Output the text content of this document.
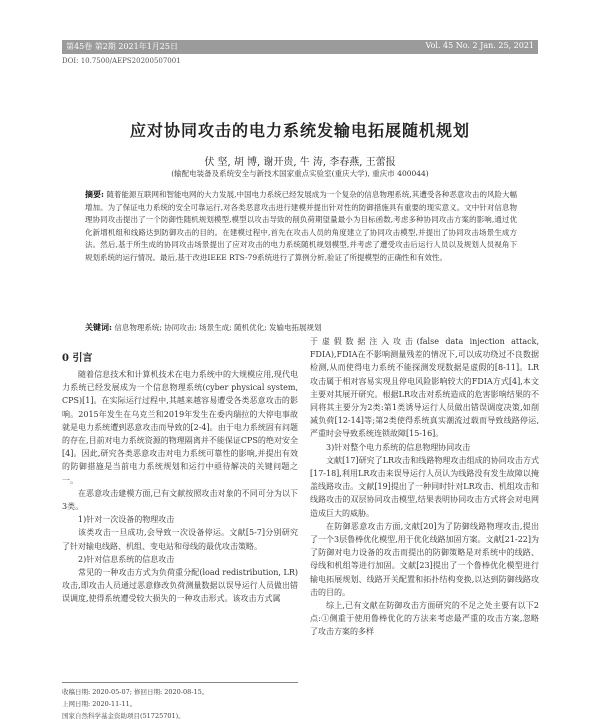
第45卷 第2期 2021年1月25日	Vol. 45 No. 2 Jan. 25, 2021
DOI: 10.7500/AEPS20200507001
应对协同攻击的电力系统发输电拓展随机规划
伏 坚, 胡 博, 谢开贵, 牛 涛, 李春燕, 王蕾报
(输配电装备及系统安全与新技术国家重点实验室(重庆大学), 重庆市 400044)
摘要: 随着能源互联网和智能电网的大力发展,中国电力系统已经发展成为一个复杂的信息物理系统,其遭受各种恶意攻击的风险大幅增加。为了保证电力系统的安全可靠运行,对各类恶意攻击进行建模并提出针对性的防御措施具有重要的现实意义。文中针对信息物理协同攻击提出了一个防御性随机规划模型,模型以攻击导致的削负荷期望量最小为目标函数,考虑多种协同攻击方案的影响,通过优化新增机组和线路达到防御攻击的目的。在建模过程中,首先在攻击人员的角度建立了协同攻击模型,并提出了协同攻击场景生成方法。然后,基于所生成的协同攻击场景提出了应对攻击的电力系统随机规划模型,并考虑了遭受攻击后运行人员以及规划人员视角下规划系统的运行情况。最后,基于改进IEEE RTS-79系统进行了算例分析,验证了所提模型的正确性和有效性。
关键词: 信息物理系统; 协同攻击; 场景生成; 随机优化; 发输电拓展规划
0 引言

随着信息技术和计算机技术在电力系统中的大规模应用,现代电力系统已经发展成为一个信息物理系统(cyber physical system, CPS)[1]。在实际运行过程中,其越来越容易遭受各类恶意攻击的影响。2015年发生在乌克兰和2019年发生在委内瑞拉的大停电事故就是电力系统遭到恶意攻击而导致的[2-4]。由于电力系统固有问题的存在,目前对电力系统资源的物理隔离并不能保证CPS的绝对安全[4]。因此,研究各类恶意攻击对电力系统可靠性的影响,并提出有效的防御措施是当前电力系统规划和运行中亟待解决的关键问题之一。

在恶意攻击建模方面,已有文献按照攻击对象的不同可分为以下3类。

1)针对一次设备的物理攻击

该类攻击一旦成功,会导致一次设备停运。文献[5-7]分别研究了针对输电线路、机组、变电站和母线的最优攻击策略。

2)针对信息系统的信息攻击

常见的一种攻击方式为负荷重分配(load redistribution, LR)攻击,即攻击人员通过恶意修改负荷测量数据以误导运行人员做出错误调度,使得系统遭受较大损失的一种攻击形式。该攻击方式属

于虚假数据注入攻击(false data injection attack, FDIA),FDIA在不影响测量残差的情况下,可以成功绕过不良数据检测,从而使得电力系统不能探测发现数据是虚假的[8-11]。LR攻击属于相对容易实现且停电风险影响较大的FDIA方式[4],本文主要对其展开研究。根据LR攻击对系统造成的危害影响结果的不同将其主要分为2类:第1类诱导运行人员做出错误调度决策,如削减负荷[12-14]等;第2类使得系统真实潮流过载而导致线路停运,严重时会导致系统连锁故障[15-16]。

3)针对整个电力系统的信息物理协同攻击

文献[17]研究了LR攻击和线路物理攻击组成的协同攻击方式[17-18],利用LR攻击来误导运行人员认为线路没有发生故障以掩盖线路攻击。文献[19]提出了一种同时针对LR攻击、机组攻击和线路攻击的双层协同攻击模型,结果表明协同攻击方式将会对电网造成巨大的威胁。

在防御恶意攻击方面,文献[20]为了防御线路物理攻击,提出了一个3层鲁棒优化模型,用于优化线路加固方案。文献[21-22]为了防御对电力设备的攻击而提出的防御策略是对系统中的线路、母线和机组等进行加固。文献[23]提出了一个鲁棒优化模型进行输电拓展规划、线路开关配置和拓扑结构变换,以达到防御线路攻击的目的。

综上,已有文献在防御攻击方面研究的不足之处主要有以下2点:①侧重于使用鲁棒优化的方法来考虑最严重的攻击方案,忽略了攻击方案的多样

收稿日期: 2020-05-07; 修回日期: 2020-08-15。
上网日期: 2020-11-11。
国家自然科学基金资助项目(51725701)。
